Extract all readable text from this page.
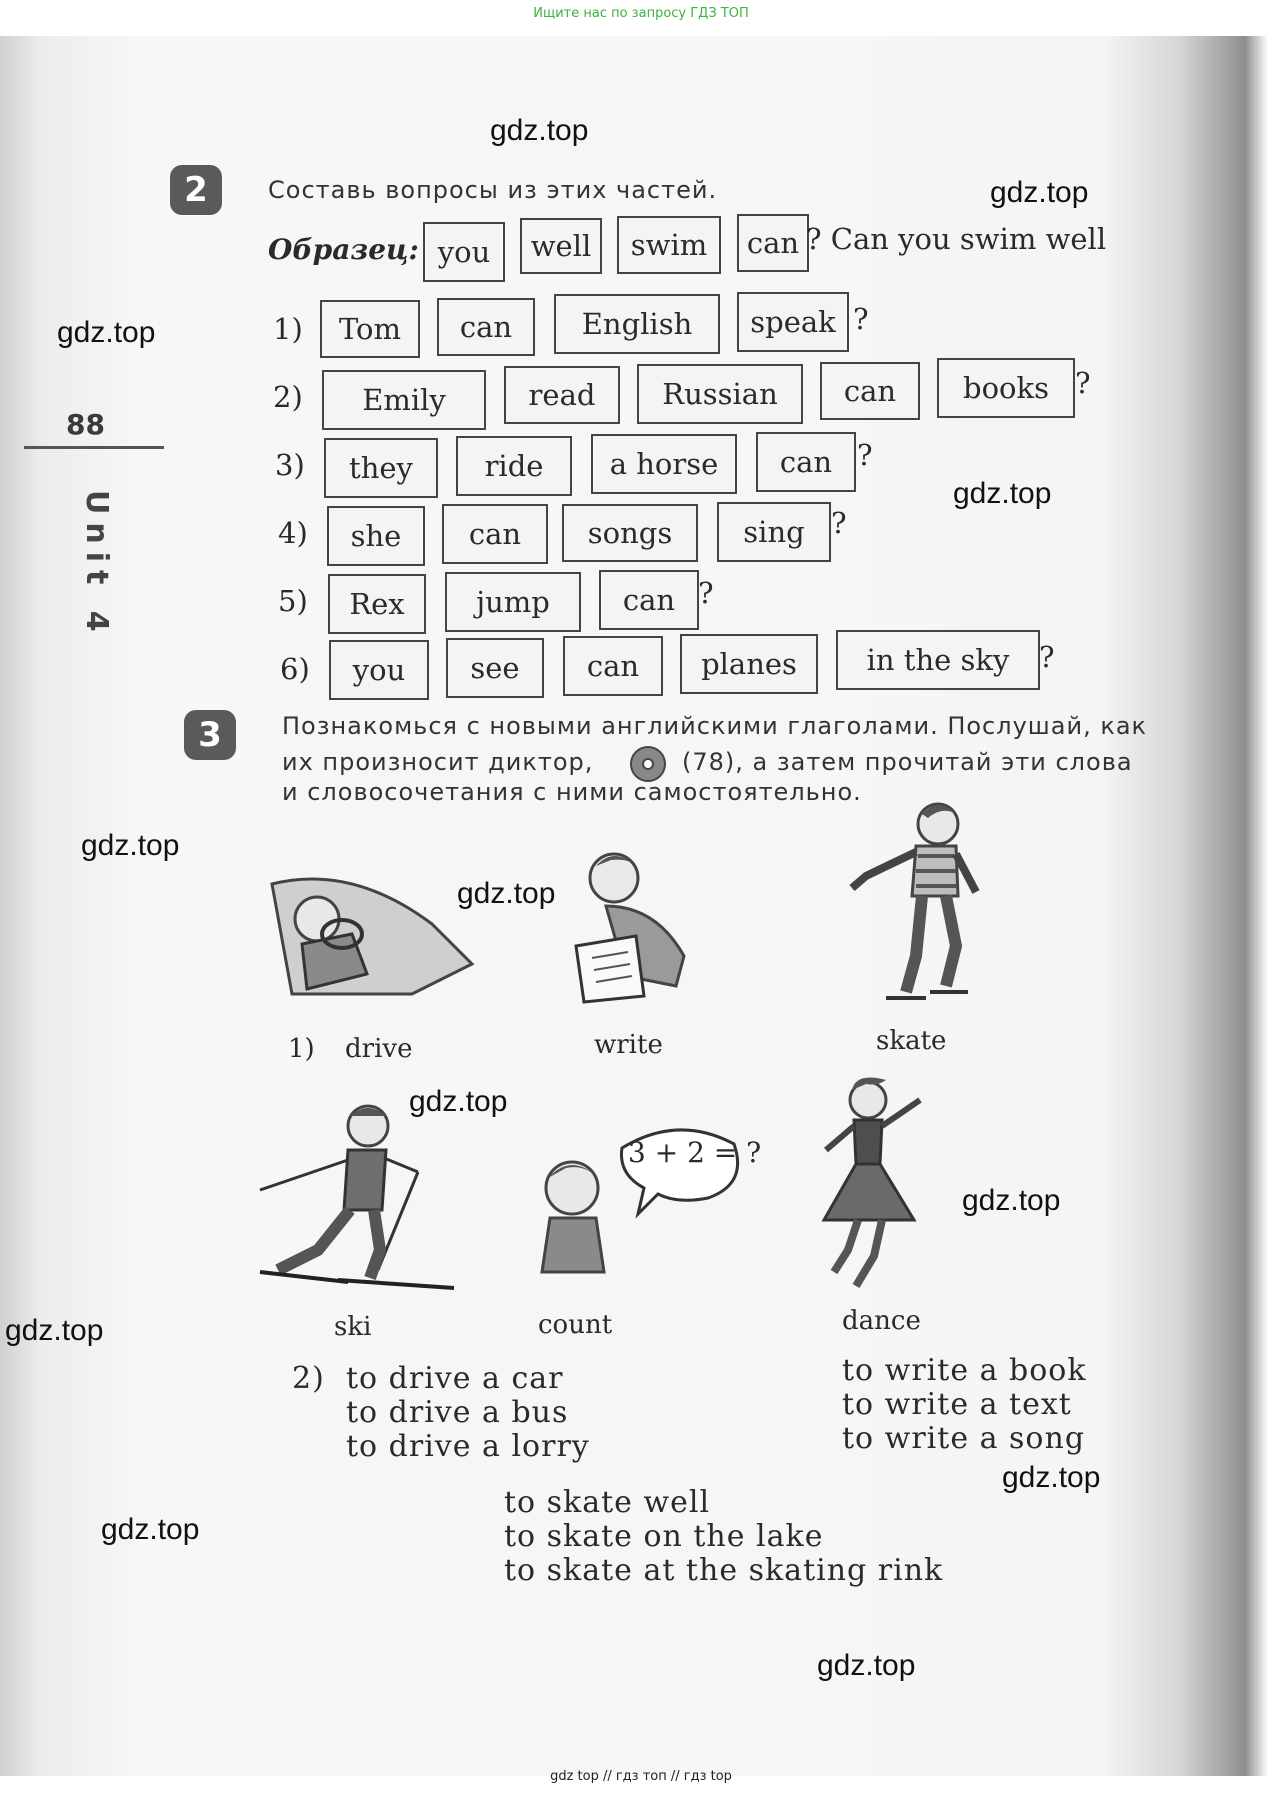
Ищите нас по запросу ГДЗ ТОП
gdz.top
gdz.top
gdz.top
gdz.top
gdz.top
gdz.top
gdz.top
gdz.top
gdz.top
gdz.top
gdz.top
gdz.top
88
Unit 4
2	Составь вопросы из этих частей.
Образец: you	well	swim	can ? Can you swim well
1)	Tom	can	English	speak ?
2)	Emily	read	Russian	can	books ?
3)	they	ride	a horse	can ?
4)	she	can	songs	sing ?
5)	Rex	jump	can ?
6)	you	see	can	planes	in the sky	?
3	Познакомься с новыми английскими глаголами. Послушай, как
их произносит диктор,	(78), а затем прочитай эти слова
и словосочетания с ними самостоятельно.
1) drive	write	skate
3 + 2 = ?
ski	count	dance
2) to drive a car
to drive a bus
to drive a lorry
to write a book
to write a text
to write a song
to skate well
to skate on the lake
to skate at the skating rink
gdz top // гдз топ // гдз top
